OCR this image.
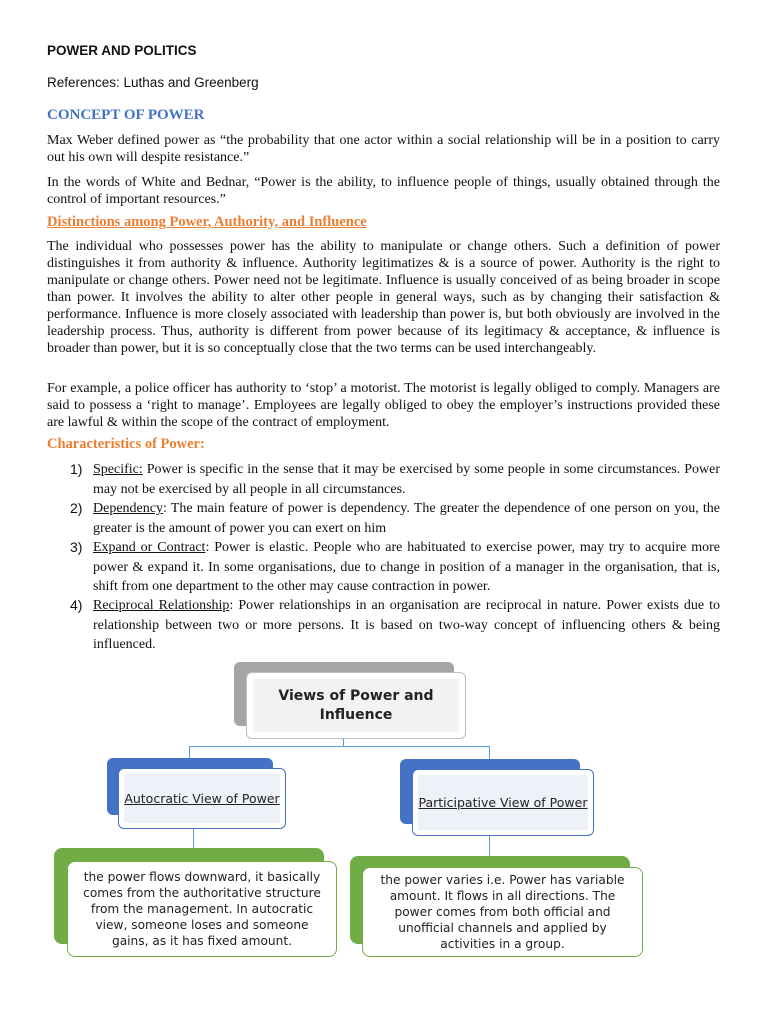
POWER AND POLITICS
References: Luthas and Greenberg
CONCEPT OF POWER
Max Weber defined power as “the probability that one actor within a social relationship will be in a position to carry out his own will despite resistance.”
In the words of White and Bednar, “Power is the ability, to influence people of things, usually obtained through the control of important resources.”
Distinctions among Power, Authority, and Influence
The individual who possesses power has the ability to manipulate or change others. Such a definition of power distinguishes it from authority & influence. Authority legitimatizes & is a source of power. Authority is the right to manipulate or change others. Power need not be legitimate. Influence is usually conceived of as being broader in scope than power. It involves the ability to alter other people in general ways, such as by changing their satisfaction & performance. Influence is more closely associated with leadership than power is, but both obviously are involved in the leadership process. Thus, authority is different from power because of its legitimacy & acceptance, & influence is broader than power, but it is so conceptually close that the two terms can be used interchangeably.
For example, a police officer has authority to ‘stop’ a motorist. The motorist is legally obliged to comply. Managers are said to possess a ‘right to manage’. Employees are legally obliged to obey the employer’s instructions provided these are lawful & within the scope of the contract of employment.
Characteristics of Power:
1) Specific: Power is specific in the sense that it may be exercised by some people in some circumstances. Power may not be exercised by all people in all circumstances.
2) Dependency: The main feature of power is dependency. The greater the dependence of one person on you, the greater is the amount of power you can exert on him
3) Expand or Contract: Power is elastic. People who are habituated to exercise power, may try to acquire more power & expand it. In some organisations, due to change in position of a manager in the organisation, that is, shift from one department to the other may cause contraction in power.
4) Reciprocal Relationship: Power relationships in an organisation are reciprocal in nature. Power exists due to relationship between two or more persons. It is based on two-way concept of influencing others & being influenced.
Views of Power and Influence
Autocratic View of Power	Participative View of Power
the power flows downward, it basically comes from the authoritative structure from the management. In autocratic view, someone loses and someone gains, as it has fixed amount.
the power varies i.e. Power has variable amount. It flows in all directions. The power comes from both official and unofficial channels and applied by activities in a group.
